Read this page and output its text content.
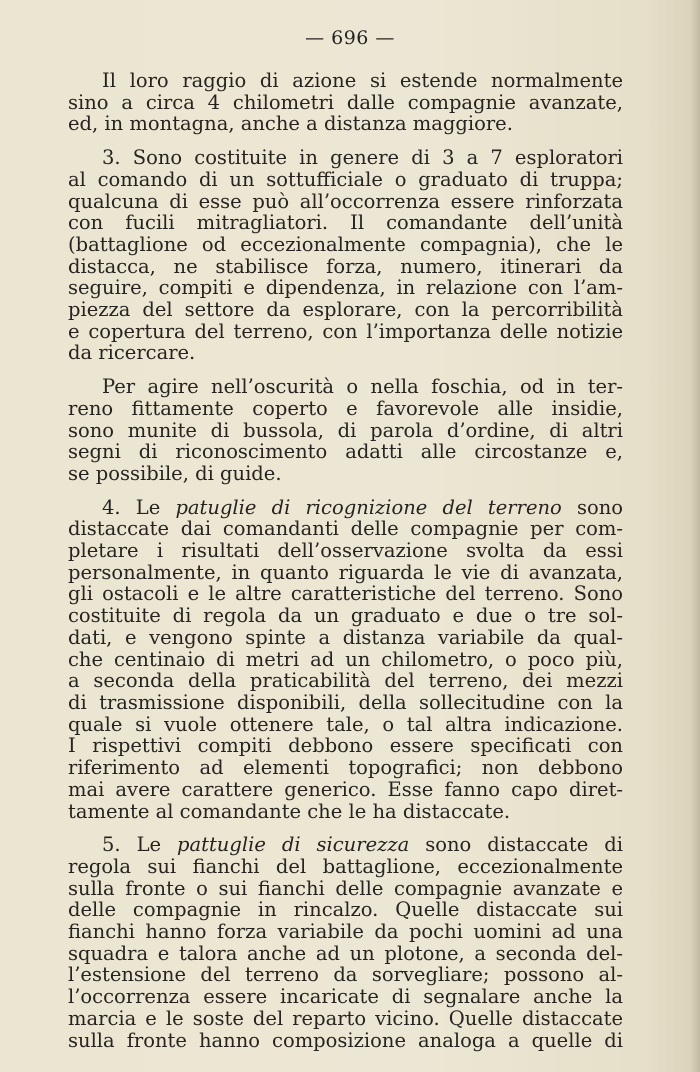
— 696 —
Il loro raggio di azione si estende normalmente
sino a circa 4 chilometri dalle compagnie avanzate,
ed, in montagna, anche a distanza maggiore.
3. Sono costituite in genere di 3 a 7 esploratori
al comando di un sottufficiale o graduato di truppa;
qualcuna di esse può all’occorrenza essere rinforzata
con fucili mitragliatori. Il comandante dell’unità
(battaglione od eccezionalmente compagnia), che le
distacca, ne stabilisce forza, numero, itinerari da
seguire, compiti e dipendenza, in relazione con l’am-
piezza del settore da esplorare, con la percorribilità
e copertura del terreno, con l’importanza delle notizie
da ricercare.
Per agire nell’oscurità o nella foschia, od in ter-
reno fittamente coperto e favorevole alle insidie,
sono munite di bussola, di parola d’ordine, di altri
segni di riconoscimento adatti alle circostanze e,
se possibile, di guide.
4. Le patuglie di ricognizione del terreno sono
distaccate dai comandanti delle compagnie per com-
pletare i risultati dell’osservazione svolta da essi
personalmente, in quanto riguarda le vie di avanzata,
gli ostacoli e le altre caratteristiche del terreno. Sono
costituite di regola da un graduato e due o tre sol-
dati, e vengono spinte a distanza variabile da qual-
che centinaio di metri ad un chilometro, o poco più,
a seconda della praticabilità del terreno, dei mezzi
di trasmissione disponibili, della sollecitudine con la
quale si vuole ottenere tale, o tal altra indicazione.
I rispettivi compiti debbono essere specificati con
riferimento ad elementi topografici; non debbono
mai avere carattere generico. Esse fanno capo diret-
tamente al comandante che le ha distaccate.
5. Le pattuglie di sicurezza sono distaccate di
regola sui fianchi del battaglione, eccezionalmente
sulla fronte o sui fianchi delle compagnie avanzate e
delle compagnie in rincalzo. Quelle distaccate sui
fianchi hanno forza variabile da pochi uomini ad una
squadra e talora anche ad un plotone, a seconda del-
l’estensione del terreno da sorvegliare; possono al-
l’occorrenza essere incaricate di segnalare anche la
marcia e le soste del reparto vicino. Quelle distaccate
sulla fronte hanno composizione analoga a quelle di
